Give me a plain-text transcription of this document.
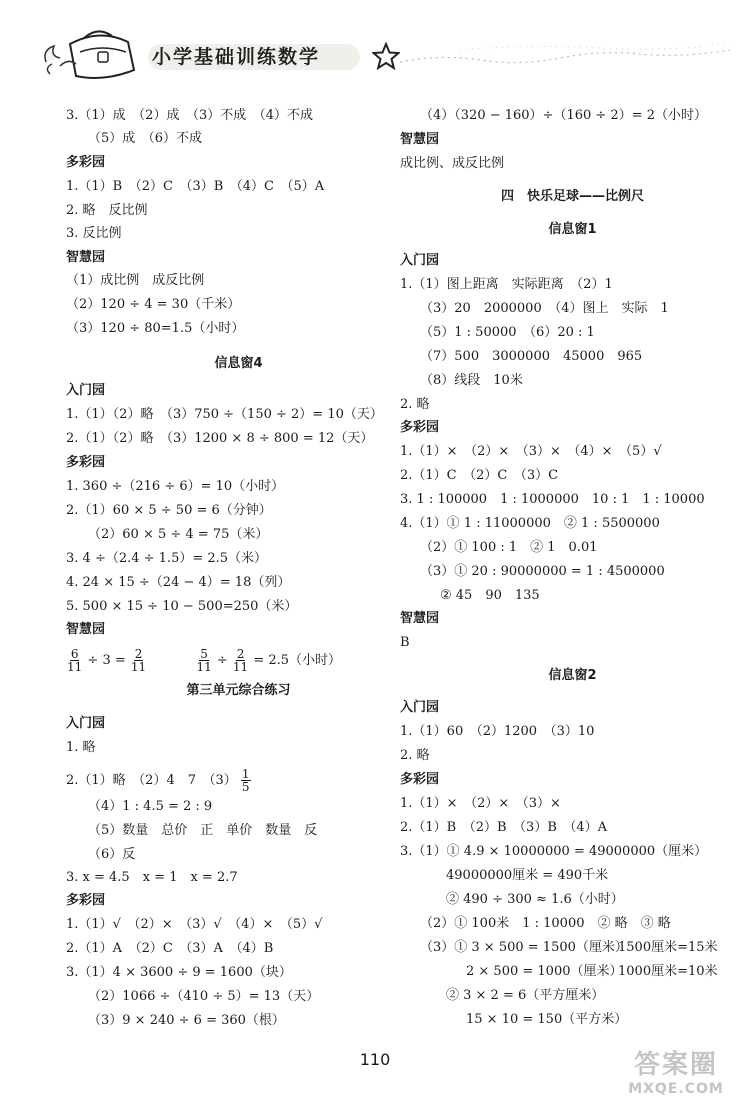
小学基础训练数学
3.（1）成　（2）成　（3）不成　（4）不成
（5）成　（6）不成
多彩园
1.（1）B　（2）C　（3）B　（4）C　（5）A
2. 略　反比例
3. 反比例
智慧园
（1）成比例　成反比例
（2）120 ÷ 4 = 30（千米）
（3）120 ÷ 80=1.5（小时）
信息窗4
入门园
1.（1）（2）略　（3）750 ÷（150 ÷ 2）= 10（天）
2.（1）（2）略　（3）1200 × 8 ÷ 800 = 12（天）
多彩园
1. 360 ÷（216 ÷ 6）= 10（小时）
2.（1）60 × 5 ÷ 50 = 6（分钟）
（2）60 × 5 ÷ 4 = 75（米）
3. 4 ÷（2.4 ÷ 1.5）= 2.5（米）
4. 24 × 15 ÷（24 − 4）= 18（列）
5. 500 × 15 ÷ 10 − 500=250（米）
智慧园
$\frac{6}{11} \div 3 = \frac{2}{11}$
	$\frac{5}{11} \div \frac{2}{11} = 2.5$（小时）
第三单元综合练习
入门园
1. 略
2.（1）略　（2）4　7　$(3) \frac{1}{5}$
（4）1 : 4.5 = 2 : 9
（5）数量　总价　正　单价　数量　反
（6）反
3. x = 4.5　x = 1　x = 2.7
多彩园
1.（1）√　（2）×　（3）√　（4）×　（5）√
2.（1）A　（2）C　（3）A　（4）B
3.（1）4 × 3600 ÷ 9 = 1600（块）
（2）1066 ÷（410 ÷ 5）= 13（天）
（3）9 × 240 ÷ 6 = 360（根）
（4）（320 − 160）÷（160 ÷ 2）= 2（小时）
智慧园
成比例、成反比例
四　快乐足球——比例尺
信息窗1
入门园
1.（1）图上距离　实际距离　（2）1
（3）20　2000000　（4）图上　实际　1
（5）1 : 50000　（6）20 : 1
（7）500　3000000　45000　965
（8）线段　10米
2. 略
多彩园
1.（1）×　（2）×　（3）×　（4）×　（5）√
2.（1）C　（2）C　（3）C
3. 1 : 100000　1 : 1000000　10 : 1　1 : 10000
4.（1）① 1 : 11000000　② 1 : 5500000
（2）① 100 : 1　② 1　0.01
（3）① 20 : 90000000 = 1 : 4500000
② 45　90　135
智慧园
B
信息窗2
入门园
1.（1）60　（2）1200　（3）10
2. 略
多彩园
1.（1）×　（2）×　（3）×
2.（1）B　（2）B　（3）B　（4）A
3.（1）① 4.9 × 10000000 = 49000000（厘米）
49000000厘米 = 490千米
② 490 ÷ 300 ≈ 1.6（小时）
（2）① 100米　1 : 10000　② 略　③ 略
（3）① 3 × 500 = 1500（厘米）
1500厘米=15米
2 × 500 = 1000（厘米）
1000厘米=10米
② 3 × 2 = 6（平方厘米）
15 × 10 = 150（平方米）
110	答案圈
MXQE.COM
